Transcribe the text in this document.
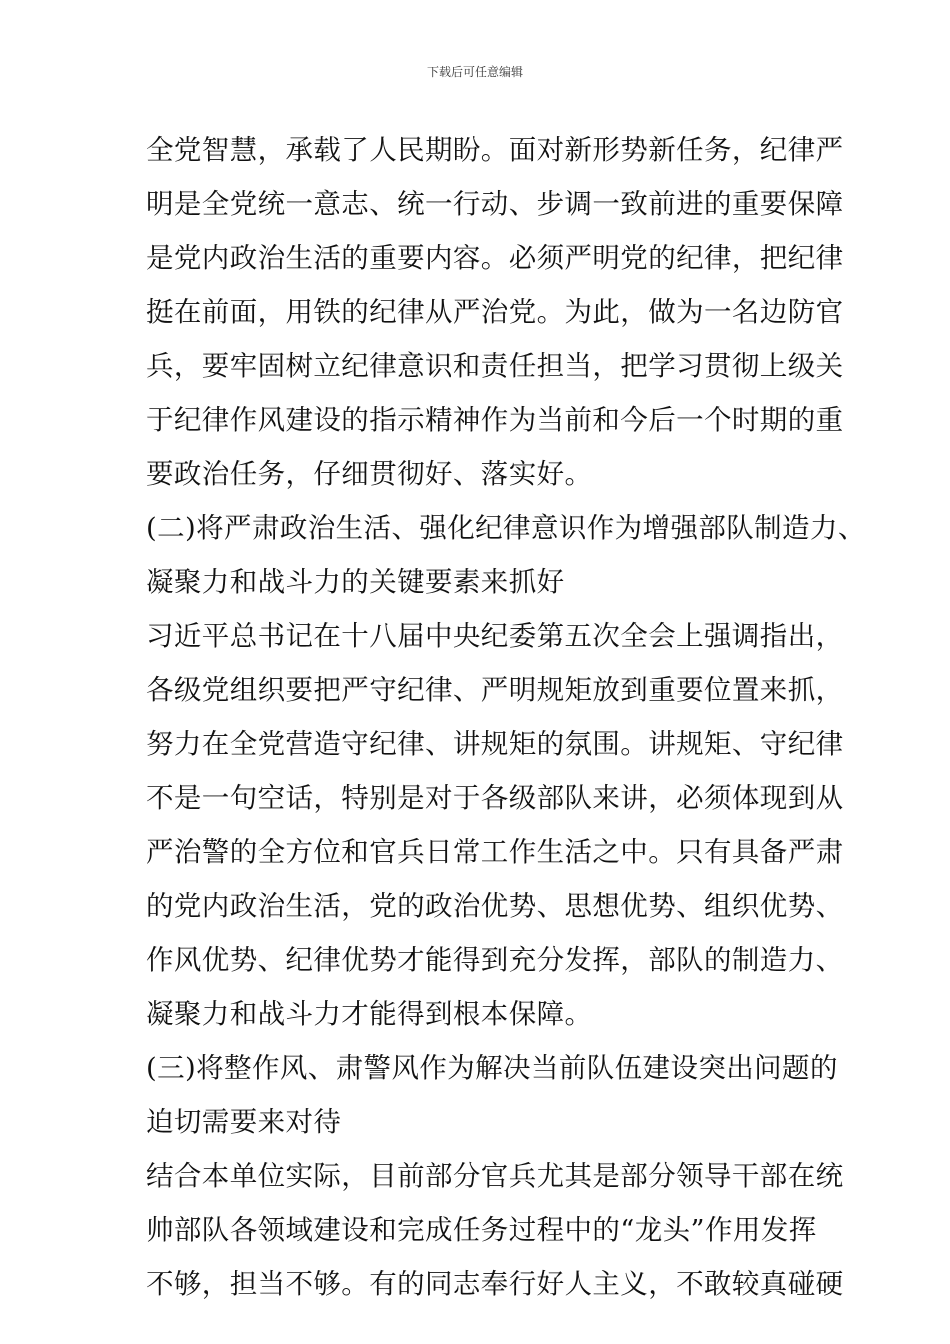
下载后可任意编辑
全党智慧，承载了人民期盼。面对新形势新任务，纪律严
明是全党统一意志、统一行动、步调一致前进的重要保障
是党内政治生活的重要内容。必须严明党的纪律，把纪律
挺在前面，用铁的纪律从严治党。为此，做为一名边防官
兵，要牢固树立纪律意识和责任担当，把学习贯彻上级关
于纪律作风建设的指示精神作为当前和今后一个时期的重
要政治任务，仔细贯彻好、落实好。
(二)将严肃政治生活、强化纪律意识作为增强部队制造力、
凝聚力和战斗力的关键要素来抓好
习近平总书记在十八届中央纪委第五次全会上强调指出，
各级党组织要把严守纪律、严明规矩放到重要位置来抓，
努力在全党营造守纪律、讲规矩的氛围。讲规矩、守纪律
不是一句空话，特别是对于各级部队来讲，必须体现到从
严治警的全方位和官兵日常工作生活之中。只有具备严肃
的党内政治生活，党的政治优势、思想优势、组织优势、
作风优势、纪律优势才能得到充分发挥，部队的制造力、
凝聚力和战斗力才能得到根本保障。
(三)将整作风、肃警风作为解决当前队伍建设突出问题的
迫切需要来对待
结合本单位实际，目前部分官兵尤其是部分领导干部在统
帅部队各领域建设和完成任务过程中的“龙头”作用发挥
不够，担当不够。有的同志奉行好人主义，不敢较真碰硬
